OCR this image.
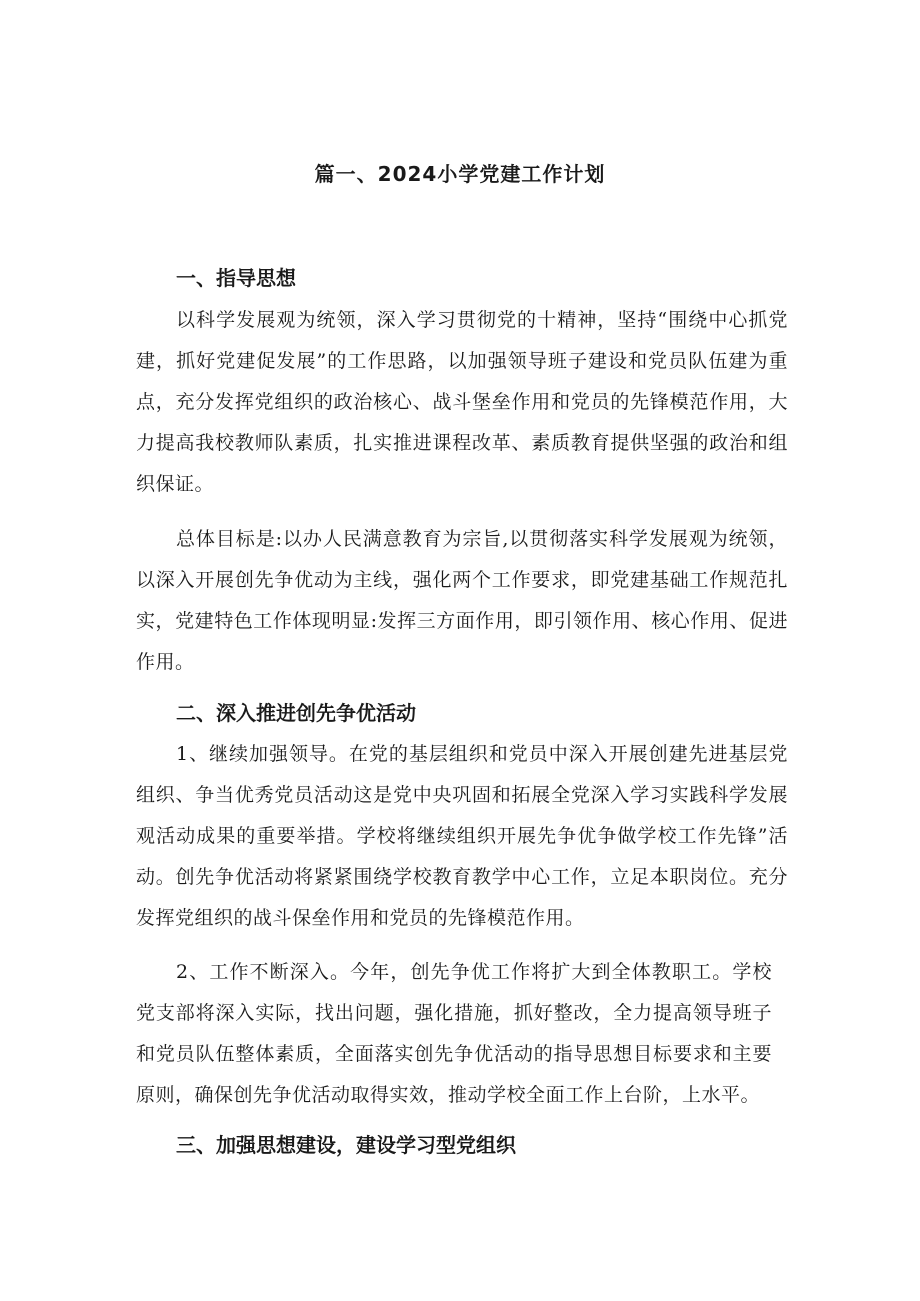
篇一、2024小学党建工作计划
一、指导思想
以科学发展观为统领，深入学习贯彻党的十精神，坚持“围绕中心抓党建，抓好党建促发展”的工作思路，以加强领导班子建设和党员队伍建为重点，充分发挥党组织的政治核心、战斗堡垒作用和党员的先锋模范作用，大力提高我校教师队素质，扎实推进课程改革、素质教育提供坚强的政治和组织保证。
总体目标是:以办人民满意教育为宗旨,以贯彻落实科学发展观为统领，以深入开展创先争优动为主线，强化两个工作要求，即党建基础工作规范扎实，党建特色工作体现明显:发挥三方面作用，即引领作用、核心作用、促进作用。
二、深入推进创先争优活动
1、继续加强领导。在党的基层组织和党员中深入开展创建先进基层党组织、争当优秀党员活动这是党中央巩固和拓展全党深入学习实践科学发展观活动成果的重要举措。学校将继续组织开展先争优争做学校工作先锋”活动。创先争优活动将紧紧围绕学校教育教学中心工作，立足本职岗位。充分发挥党组织的战斗保垒作用和党员的先锋模范作用。
2、工作不断深入。今年，创先争优工作将扩大到全体教职工。学校党支部将深入实际，找出问题，强化措施，抓好整改，全力提高领导班子和党员队伍整体素质，全面落实创先争优活动的指导思想目标要求和主要原则，确保创先争优活动取得实效，推动学校全面工作上台阶，上水平。
三、加强思想建设，建设学习型党组织
